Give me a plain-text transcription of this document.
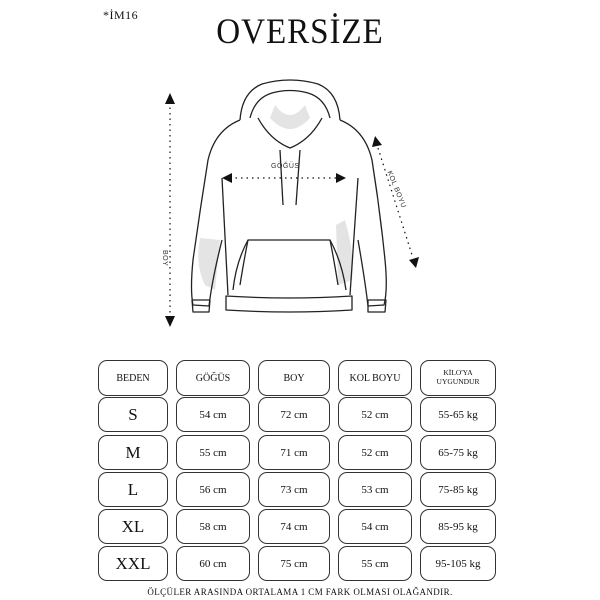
*İM16	OVERSİZE
GÖĞÜS
BOY
KOL BOYU
BEDEN	GÖĞÜS	BOY	KOL BOYU	KİLO'YA UYGUNDUR
S	54 cm	72 cm	52 cm	55-65 kg
M	55 cm	71 cm	52 cm	65-75 kg
L	56 cm	73 cm	53 cm	75-85 kg
XL	58 cm	74 cm	54 cm	85-95 kg
XXL	60 cm	75 cm	55 cm	95-105 kg
ÖLÇÜLER ARASINDA ORTALAMA 1 CM FARK OLMASI OLAĞANDIR.
